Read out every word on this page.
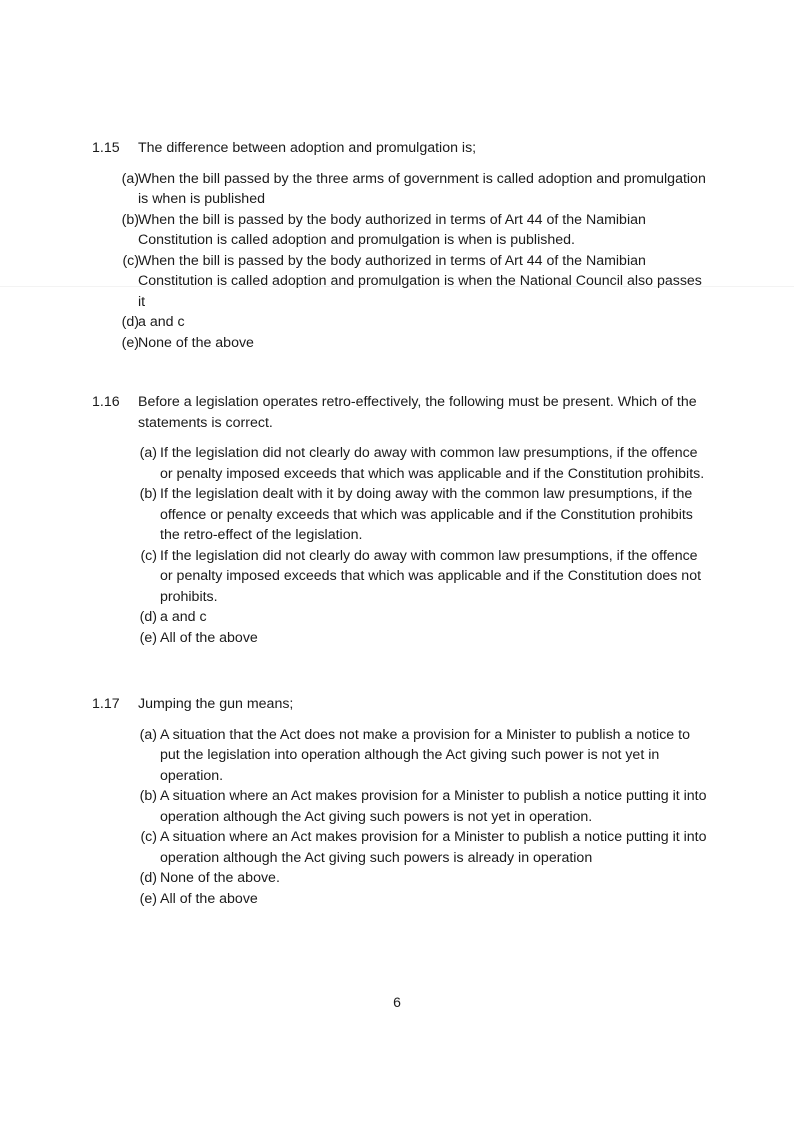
1.15 The difference between adoption and promulgation is;
(a) When the bill passed by the three arms of government is called adoption and promulgation is when is published
(b) When the bill is passed by the body authorized in terms of Art 44 of the Namibian Constitution is called adoption and promulgation is when is published.
(c) When the bill is passed by the body authorized in terms of Art 44 of the Namibian Constitution is called adoption and promulgation is when the National Council also passes it
(d) a and c
(e) None of the above
1.16 Before a legislation operates retro-effectively, the following must be present. Which of the statements is correct.
(a) If the legislation did not clearly do away with common law presumptions, if the offence or penalty imposed exceeds that which was applicable and if the Constitution prohibits.
(b) If the legislation dealt with it by doing away with the common law presumptions, if the offence or penalty exceeds that which was applicable and if the Constitution prohibits the retro-effect of the legislation.
(c) If the legislation did not clearly do away with common law presumptions, if the offence or penalty imposed exceeds that which was applicable and if the Constitution does not prohibits.
(d) a and c
(e) All of the above
1.17 Jumping the gun means;
(a) A situation that the Act does not make a provision for a Minister to publish a notice to put the legislation into operation although the Act giving such power is not yet in operation.
(b) A situation where an Act makes provision for a Minister to publish a notice putting it into operation although the Act giving such powers is not yet in operation.
(c) A situation where an Act makes provision for a Minister to publish a notice putting it into operation although the Act giving such powers is already in operation
(d) None of the above.
(e) All of the above
6
